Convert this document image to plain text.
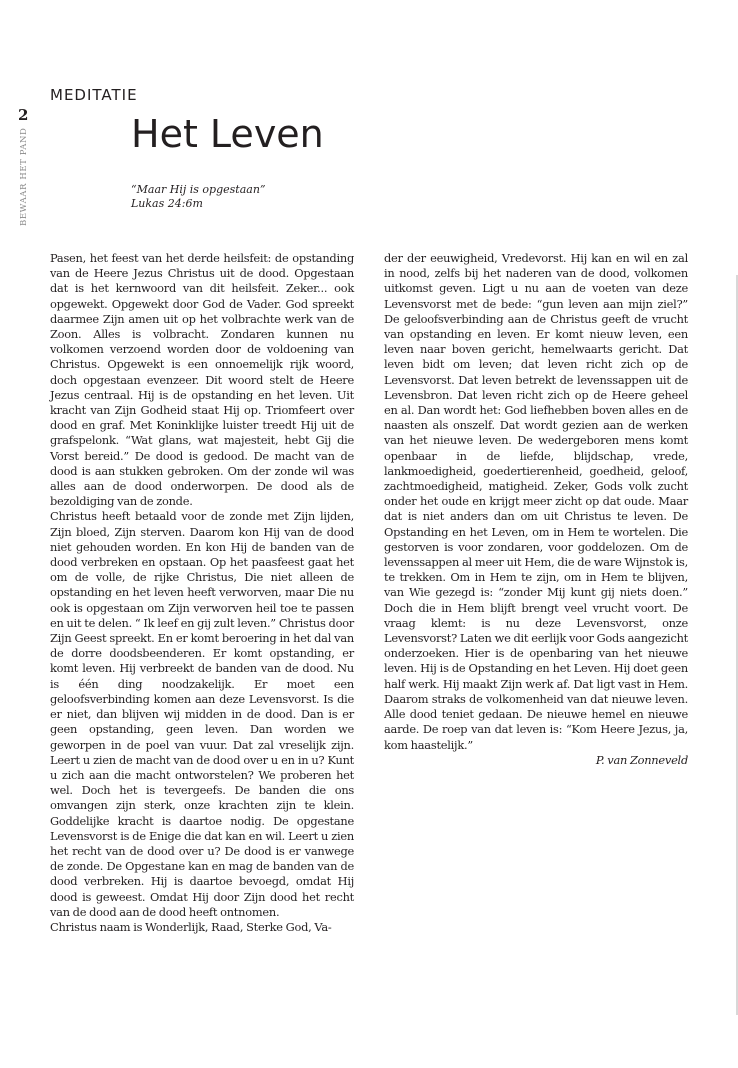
2
BEWAAR HET PAND
MEDITATIE
Het Leven
“Maar Hij is opgestaan”
Lukas 24:6m

Pasen, het feest van het derde heilsfeit: de opstanding van de Heere Jezus Christus uit de dood. Opgestaan dat is het kernwoord van dit heilsfeit. Zeker... ook opgewekt. Opgewekt door God de Vader. God spreekt daarmee Zijn amen uit op het volbrachte werk van de Zoon. Alles is volbracht. Zondaren kunnen nu volkomen verzoend worden door de voldoening van Christus. Opgewekt is een onnoemelijk rijk woord, doch opgestaan evenzeer. Dit woord stelt de Heere Jezus centraal. Hij is de opstanding en het leven. Uit kracht van Zijn Godheid staat Hij op. Triomfeert over dood en graf. Met Koninklijke luister treedt Hij uit de grafspelonk. “Wat glans, wat majesteit, hebt Gij die Vorst bereid.” De dood is gedood. De macht van de dood is aan stukken gebroken. Om der zonde wil was alles aan de dood onderworpen. De dood als de bezoldiging van de zonde.

Christus heeft betaald voor de zonde met Zijn lijden, Zijn bloed, Zijn sterven. Daarom kon Hij van de dood niet gehouden worden. En kon Hij de banden van de dood verbreken en opstaan. Op het paasfeest gaat het om de volle, de rijke Christus, Die niet alleen de opstanding en het leven heeft verworven, maar Die nu ook is opgestaan om Zijn verworven heil toe te passen en uit te delen. “ Ik leef en gij zult leven.” Christus door Zijn Geest spreekt. En er komt beroering in het dal van de dorre doodsbeenderen. Er komt opstanding, er komt leven. Hij verbreekt de banden van de dood. Nu is één ding noodzakelijk. Er moet een geloofsverbinding komen aan deze Levensvorst. Is die er niet, dan blijven wij midden in de dood. Dan is er geen opstanding, geen leven. Dan worden we geworpen in de poel van vuur. Dat zal vreselijk zijn. Leert u zien de macht van de dood over u en in u? Kunt u zich aan die macht ontworstelen? We proberen het wel. Doch het is tevergeefs. De banden die ons omvangen zijn sterk, onze krachten zijn te klein. Goddelijke kracht is daartoe nodig. De opgestane Levensvorst is de Enige die dat kan en wil. Leert u zien het recht van de dood over u? De dood is er vanwege de zonde. De Opgestane kan en mag de banden van de dood verbreken. Hij is daartoe bevoegd, omdat Hij dood is geweest. Omdat Hij door Zijn dood het recht van de dood aan de dood heeft ontnomen.

Christus naam is Wonderlijk, Raad, Sterke God, Va-

der der eeuwigheid, Vredevorst. Hij kan en wil en zal in nood, zelfs bij het naderen van de dood, volkomen uitkomst geven. Ligt u nu aan de voeten van deze Levensvorst met de bede: “gun leven aan mijn ziel?” De geloofsverbinding aan de Christus geeft de vrucht van opstanding en leven. Er komt nieuw leven, een leven naar boven gericht, hemelwaarts gericht. Dat leven bidt om leven; dat leven richt zich op de Levensvorst. Dat leven betrekt de levenssappen uit de Levensbron. Dat leven richt zich op de Heere geheel en al. Dan wordt het: God liefhebben boven alles en de naasten als onszelf. Dat wordt gezien aan de werken van het nieuwe leven. De wedergeboren mens komt openbaar in de liefde, blijdschap, vrede, lankmoedigheid, goedertierenheid, goedheid, geloof, zachtmoedigheid, matigheid. Zeker, Gods volk zucht onder het oude en krijgt meer zicht op dat oude. Maar dat is niet anders dan om uit Christus te leven. De Opstanding en het Leven, om in Hem te wortelen. Die gestorven is voor zondaren, voor goddelozen. Om de levenssappen al meer uit Hem, die de ware Wijnstok is, te trekken. Om in Hem te zijn, om in Hem te blijven, van Wie gezegd is: “zonder Mij kunt gij niets doen.” Doch die in Hem blijft brengt veel vrucht voort. De vraag klemt: is nu deze Levensvorst, onze Levensvorst? Laten we dit eerlijk voor Gods aangezicht onderzoeken. Hier is de openbaring van het nieuwe leven. Hij is de Opstanding en het Leven. Hij doet geen half werk. Hij maakt Zijn werk af. Dat ligt vast in Hem. Daarom straks de volkomenheid van dat nieuwe leven. Alle dood teniet gedaan. De nieuwe hemel en nieuwe aarde. De roep van dat leven is: “Kom Heere Jezus, ja, kom haastelijk.”

P. van Zonneveld
